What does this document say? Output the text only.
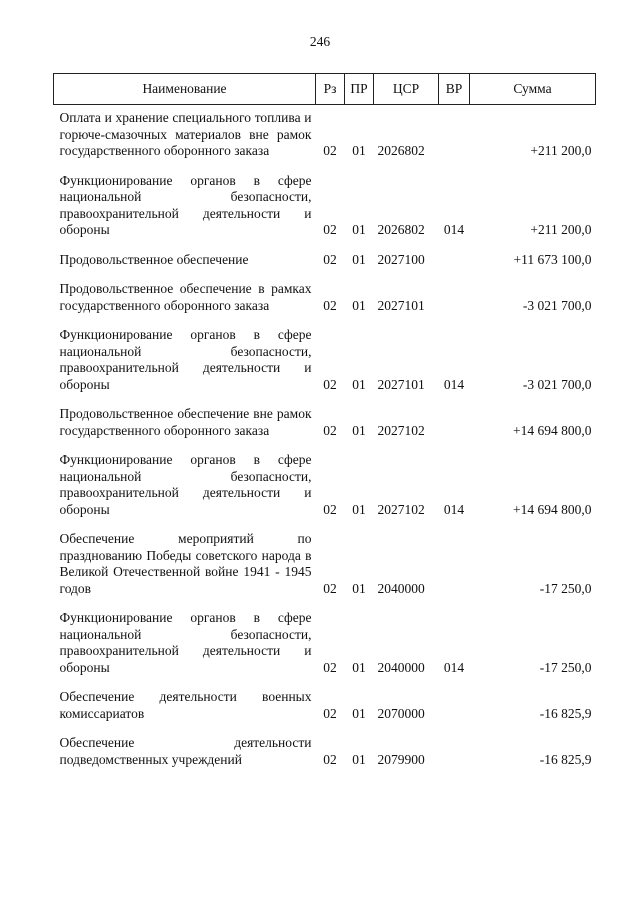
246
Наименование	Рз	ПР	ЦСР	ВР	Сумма
Оплата и хранение специального топлива и горюче-смазочных материалов вне рамок государственного оборонного заказа	02	01	2026802		+211 200,0
Функционирование органов в сфере национальной безопасности, правоохранительной деятельности и обороны	02	01	2026802	014	+211 200,0
Продовольственное обеспечение	02	01	2027100		+11 673 100,0
Продовольственное обеспечение в рамках государственного оборонного заказа	02	01	2027101		-3 021 700,0
Функционирование органов в сфере национальной безопасности, правоохранительной деятельности и обороны	02	01	2027101	014	-3 021 700,0
Продовольственное обеспечение вне рамок государственного оборонного заказа	02	01	2027102		+14 694 800,0
Функционирование органов в сфере национальной безопасности, правоохранительной деятельности и обороны	02	01	2027102	014	+14 694 800,0
Обеспечение мероприятий по празднованию Победы советского народа в Великой Отечественной войне 1941 - 1945 годов	02	01	2040000		-17 250,0
Функционирование органов в сфере национальной безопасности, правоохранительной деятельности и обороны	02	01	2040000	014	-17 250,0
Обеспечение деятельности военных комиссариатов	02	01	2070000		-16 825,9
Обеспечение деятельности подведомственных учреждений	02	01	2079900		-16 825,9
